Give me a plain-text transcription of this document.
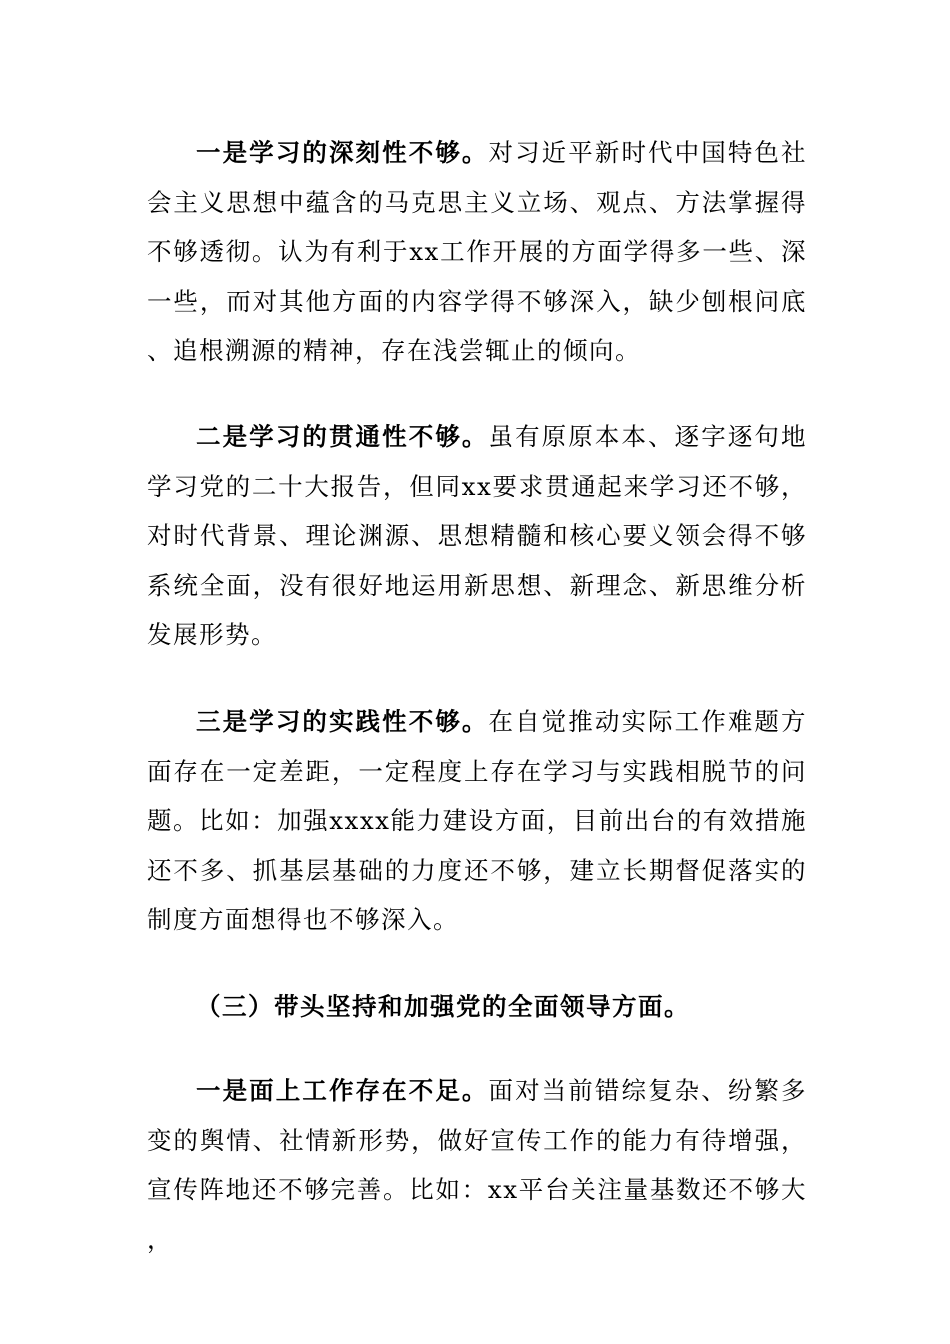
一是学习的深刻性不够。对习近平新时代中国特色社会主义思想中蕴含的马克思主义立场、观点、方法掌握得不够透彻。认为有利于xx工作开展的方面学得多一些、深一些，而对其他方面的内容学得不够深入，缺少刨根问底、追根溯源的精神，存在浅尝辄止的倾向。

二是学习的贯通性不够。虽有原原本本、逐字逐句地学习党的二十大报告，但同xx要求贯通起来学习还不够，对时代背景、理论渊源、思想精髓和核心要义领会得不够系统全面，没有很好地运用新思想、新理念、新思维分析发展形势。

三是学习的实践性不够。在自觉推动实际工作难题方面存在一定差距，一定程度上存在学习与实践相脱节的问题。比如：加强xxxx能力建设方面，目前出台的有效措施还不多、抓基层基础的力度还不够，建立长期督促落实的制度方面想得也不够深入。

（三）带头坚持和加强党的全面领导方面。

一是面上工作存在不足。面对当前错综复杂、纷繁多变的舆情、社情新形势，做好宣传工作的能力有待增强，宣传阵地还不够完善。比如：xx平台关注量基数还不够大，
